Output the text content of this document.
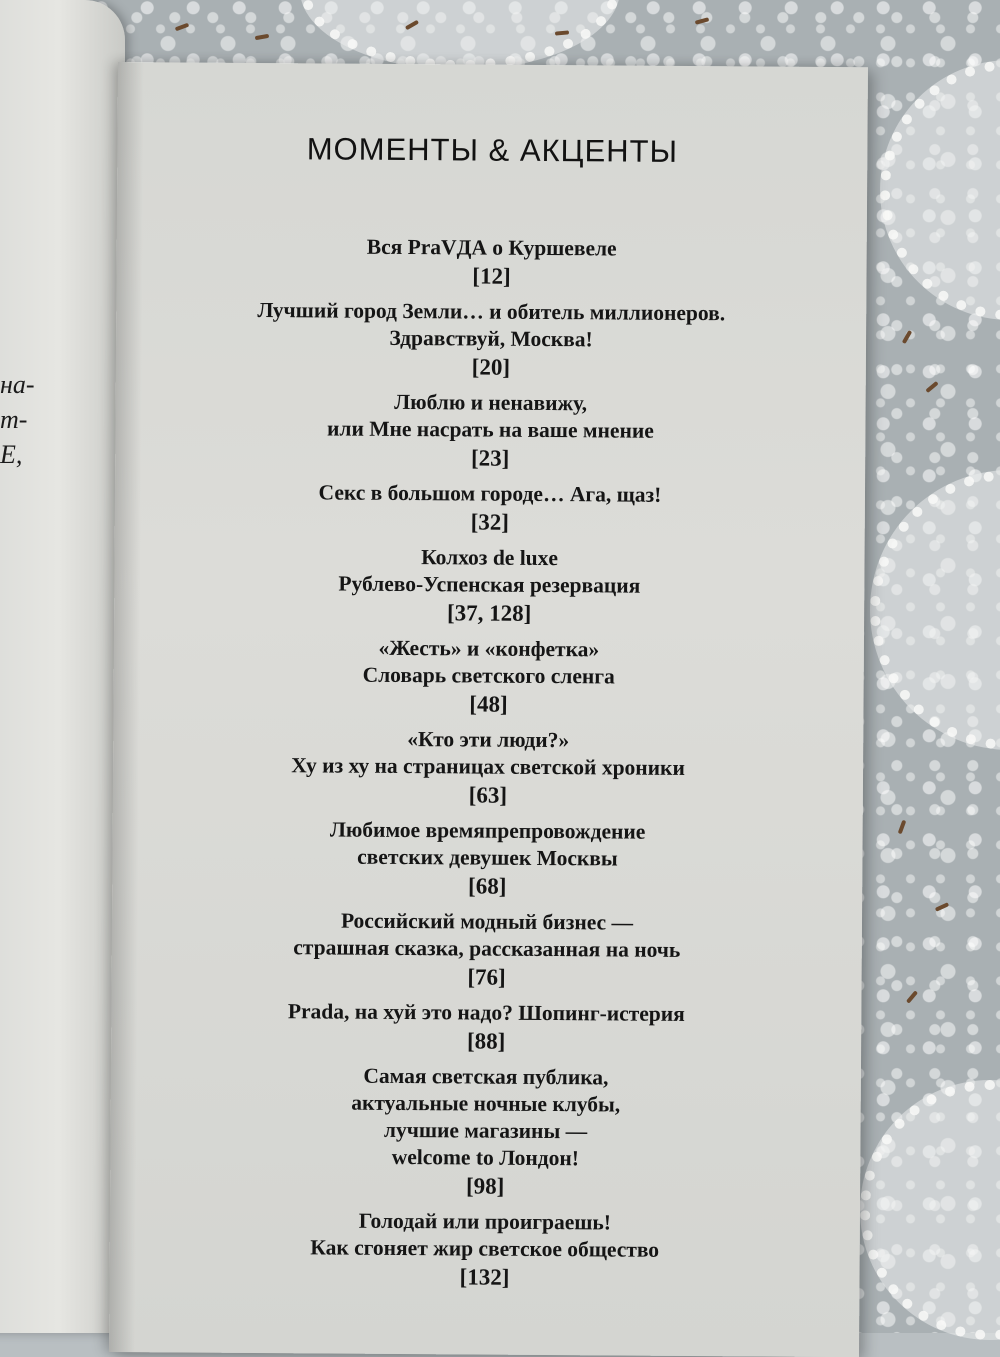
на-
т-
Е,
МОМЕНТЫ & АКЦЕНТЫ
Вся PraVДА о Куршевеле
[12]
Лучший город Земли… и обитель миллионеров.
Здравствуй, Москва!
[20]
Люблю и ненавижу,
или Мне насрать на ваше мнение
[23]
Секс в большом городе… Ага, щаз!
[32]
Колхоз de luxe
Рублево-Успенская резервация
[37, 128]
«Жесть» и «конфетка»
Словарь светского сленга
[48]
«Кто эти люди?»
Ху из ху на страницах светской хроники
[63]
Любимое времяпрепровождение
светских девушек Москвы
[68]
Российский модный бизнес —
страшная сказка, рассказанная на ночь
[76]
Prada, на хуй это надо? Шопинг-истерия
[88]
Самая светская публика,
актуальные ночные клубы,
лучшие магазины —
welcome to Лондон!
[98]
Голодай или проиграешь!
Как сгоняет жир светское общество
[132]
